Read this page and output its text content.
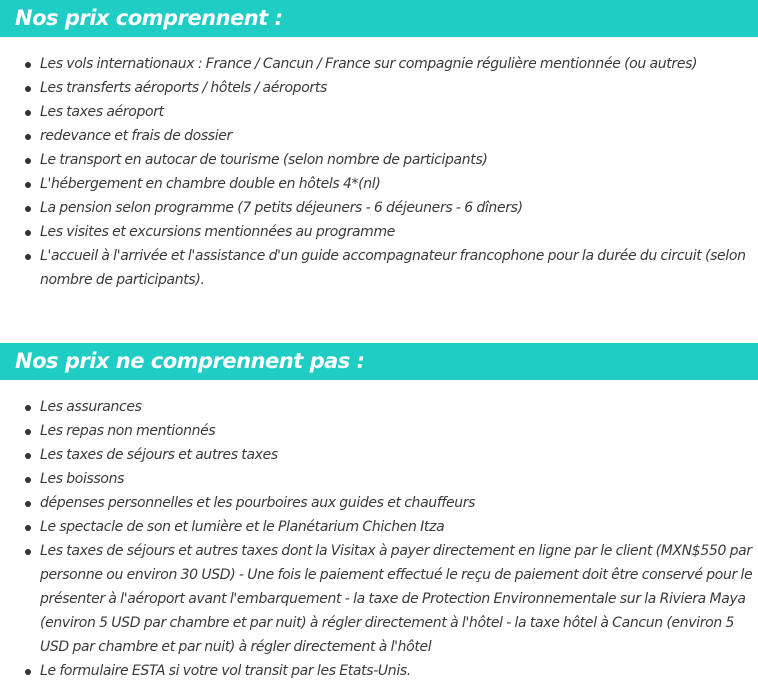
Nos prix comprennent :
Les vols internationaux : France / Cancun / France sur compagnie régulière mentionnée (ou autres)
Les transferts aéroports / hôtels / aéroports
Les taxes aéroport
redevance et frais de dossier
Le transport en autocar de tourisme (selon nombre de participants)
L'hébergement en chambre double en hôtels 4*(nl)
La pension selon programme (7 petits déjeuners - 6 déjeuners - 6 dîners)
Les visites et excursions mentionnées au programme
L'accueil à l'arrivée et l'assistance d'un guide accompagnateur francophone pour la durée du circuit (selon nombre de participants).
Nos prix ne comprennent pas :
Les assurances
Les repas non mentionnés
Les taxes de séjours et autres taxes
Les boissons
dépenses personnelles et les pourboires aux guides et chauffeurs
Le spectacle de son et lumière et le Planétarium Chichen Itza
Les taxes de séjours et autres taxes dont la Visitax à payer directement en ligne par le client (MXN$550 par personne ou environ 30 USD) - Une fois le paiement effectué le reçu de paiement doit être conservé pour le présenter à l'aéroport avant l'embarquement - la taxe de Protection Environnementale sur la Riviera Maya (environ 5 USD par chambre et par nuit) à régler directement à l'hôtel - la taxe hôtel à Cancun (environ 5 USD par chambre et par nuit) à régler directement à l'hôtel
Le formulaire ESTA si votre vol transit par les Etats-Unis.
